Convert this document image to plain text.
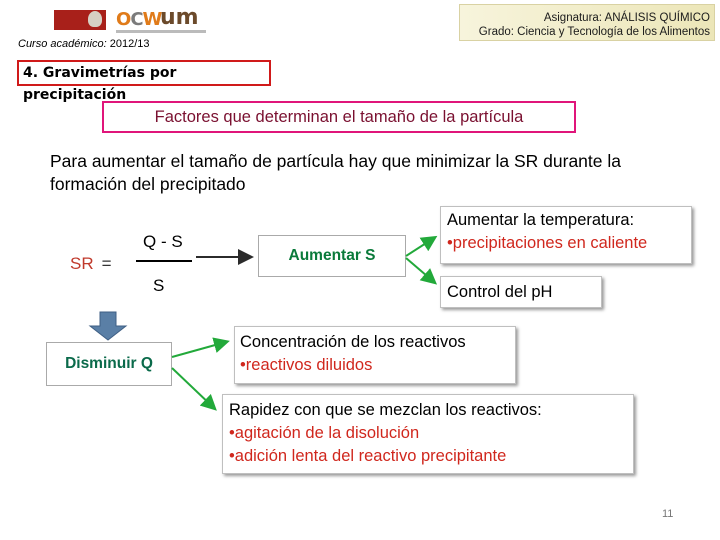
OCW
um
Curso académico: 2012/13
Asignatura: ANÁLISIS QUÍMICO
Grado: Ciencia y Tecnología de los Alimentos
4. Gravimetrías por precipitación
Factores que determinan el tamaño de la partícula
Para aumentar el tamaño de partícula hay que minimizar la SR durante la
formación del precipitado
SR =
Q - S
S
Aumentar S
Disminuir Q
Aumentar la temperatura:
•precipitaciones en caliente
Control del pH
Concentración de los reactivos
•reactivos diluidos
Rapidez con que se mezclan los reactivos:
•agitación de la disolución
•adición lenta del reactivo precipitante
11
